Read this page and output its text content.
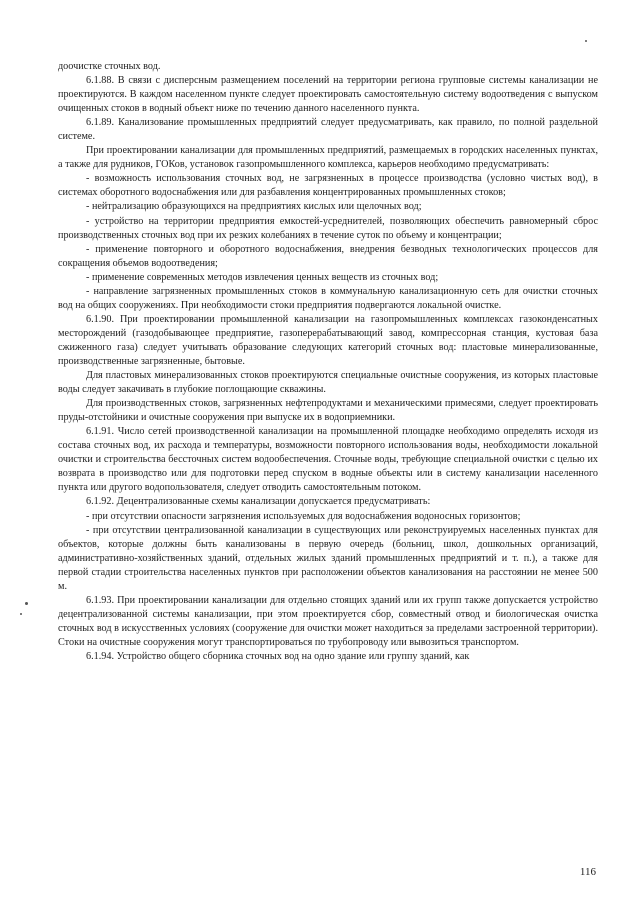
доочистке сточных вод.

6.1.88. В связи с дисперсным размещением поселений на территории региона групповые системы канализации не проектируются. В каждом населенном пункте следует проектировать самостоятельную систему водоотведения с выпуском очищенных стоков в водный объект ниже по течению данного населенного пункта.

6.1.89. Канализование промышленных предприятий следует предусматривать, как правило, по полной раздельной системе.

При проектировании канализации для промышленных предприятий, размещаемых в городских населенных пунктах, а также для рудников, ГОКов, установок газопромышленного комплекса, карьеров необходимо предусматривать:

- возможность использования сточных вод, не загрязненных в процессе производства (условно чистых вод), в системах оборотного водоснабжения или для разбавления концентрированных промышленных стоков;

- нейтрализацию образующихся на предприятиях кислых или щелочных вод;

- устройство на территории предприятия емкостей-усреднителей, позволяющих обеспечить равномерный сброс производственных сточных вод при их резких колебаниях в течение суток по объему и концентрации;

- применение повторного и оборотного водоснабжения, внедрения безводных технологических процессов для сокращения объемов водоотведения;

- применение современных методов извлечения ценных веществ из сточных вод;

- направление загрязненных промышленных стоков в коммунальную канализационную сеть для очистки сточных вод на общих сооружениях. При необходимости стоки предприятия подвергаются локальной очистке.

6.1.90. При проектировании промышленной канализации на газопромышленных комплексах газоконденсатных месторождений (газодобывающее предприятие, газоперерабатывающий завод, компрессорная станция, кустовая база сжиженного газа) следует учитывать образование следующих категорий сточных вод: пластовые минерализованные, производственные загрязненные, бытовые.

Для пластовых минерализованных стоков проектируются специальные очистные сооружения, из которых пластовые воды следует закачивать в глубокие поглощающие скважины.

Для производственных стоков, загрязненных нефтепродуктами и механическими примесями, следует проектировать пруды-отстойники и очистные сооружения при выпуске их в водоприемники.

6.1.91. Число сетей производственной канализации на промышленной площадке необходимо определять исходя из состава сточных вод, их расхода и температуры, возможности повторного использования воды, необходимости локальной очистки и строительства бессточных систем водообеспечения. Сточные воды, требующие специальной очистки с целью их возврата в производство или для подготовки перед спуском в водные объекты или в систему канализации населенного пункта или другого водопользователя, следует отводить самостоятельным потоком.

6.1.92. Децентрализованные схемы канализации допускается предусматривать:

- при отсутствии опасности загрязнения используемых для водоснабжения водоносных горизонтов;

- при отсутствии централизованной канализации в существующих или реконструируемых населенных пунктах для объектов, которые должны быть канализованы в первую очередь (больниц, школ, дошкольных организаций, административно-хозяйственных зданий, отдельных жилых зданий промышленных предприятий и т. п.), а также для первой стадии строительства населенных пунктов при расположении объектов канализования на расстоянии не менее 500 м.

6.1.93. При проектировании канализации для отдельно стоящих зданий или их групп также допускается устройство децентрализованной системы канализации, при этом проектируется сбор, совместный отвод и биологическая очистка сточных вод в искусственных условиях (сооружение для очистки может находиться за пределами застроенной территории). Стоки на очистные сооружения могут транспортироваться по трубопроводу или вывозиться транспортом.

6.1.94. Устройство общего сборника сточных вод на одно здание или группу зданий, как

116
